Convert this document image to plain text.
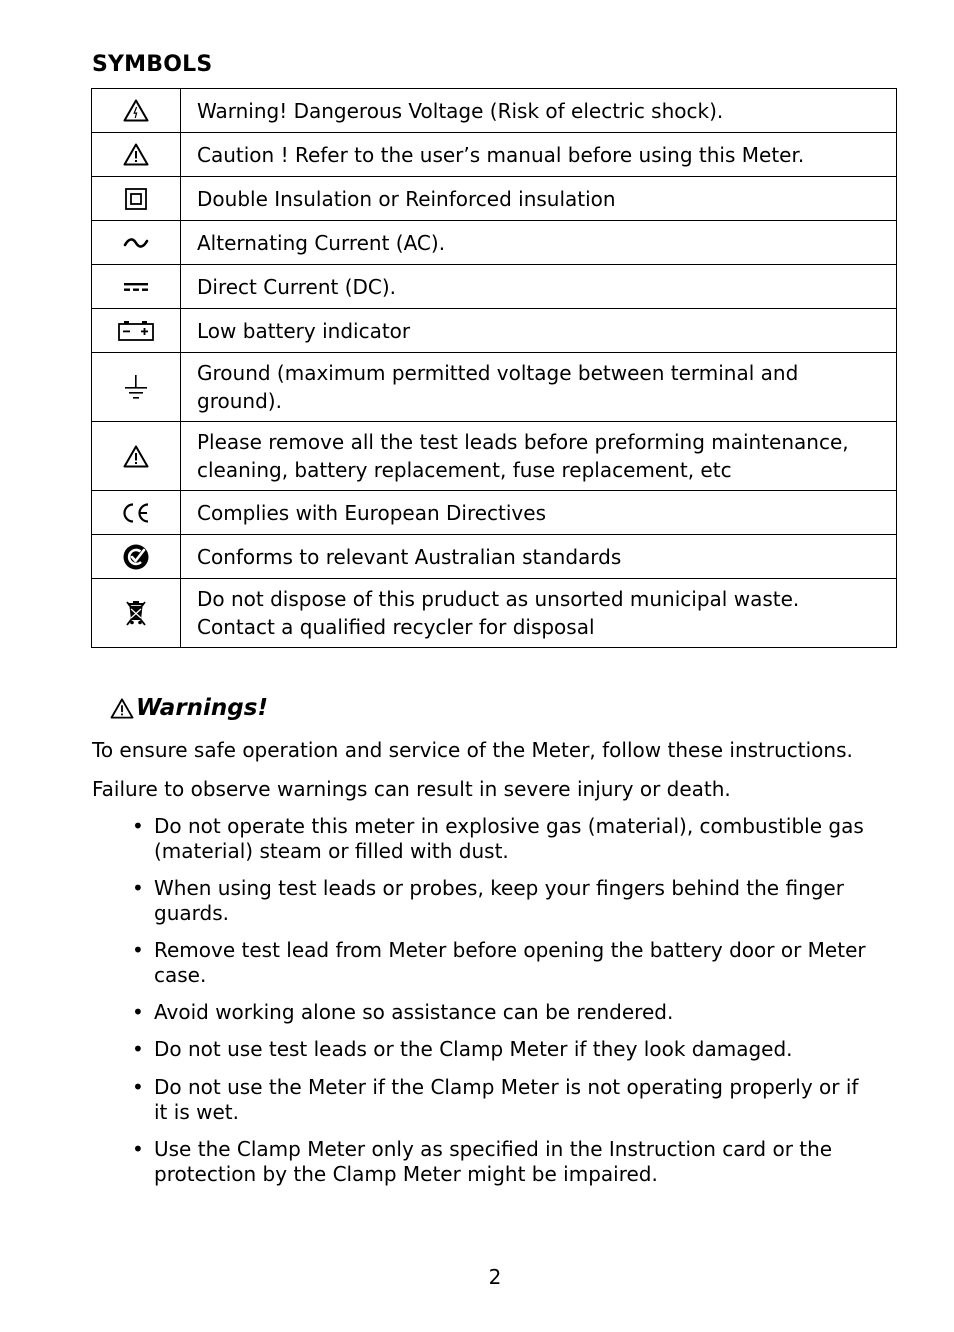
SYMBOLS

Warning! Dangerous Voltage (Risk of electric shock).

Caution ! Refer to the user’s manual before using this Meter.

Double Insulation or Reinforced insulation

Alternating Current (AC).

Direct Current (DC).

Low battery indicator

Ground (maximum permitted voltage between terminal and
ground).

Please remove all the test leads before preforming maintenance,
cleaning, battery replacement, fuse replacement, etc

Complies with European Directives

Conforms to relevant Australian standards

Do not dispose of this pruduct as unsorted municipal waste.
Contact a qualified recycler for disposal
Warnings!
To ensure safe operation and service of the Meter, follow these instructions.
Failure to observe warnings can result in severe injury or death.
• Do not operate this meter in explosive gas (material), combustible gas
(material) steam or filled with dust.
• When using test leads or probes, keep your fingers behind the finger
guards.
• Remove test lead from Meter before opening the battery door or Meter
case.
• Avoid working alone so assistance can be rendered.
• Do not use test leads or the Clamp Meter if they look damaged.
• Do not use the Meter if the Clamp Meter is not operating properly or if
it is wet.
• Use the Clamp Meter only as specified in the Instruction card or the
protection by the Clamp Meter might be impaired.
2
